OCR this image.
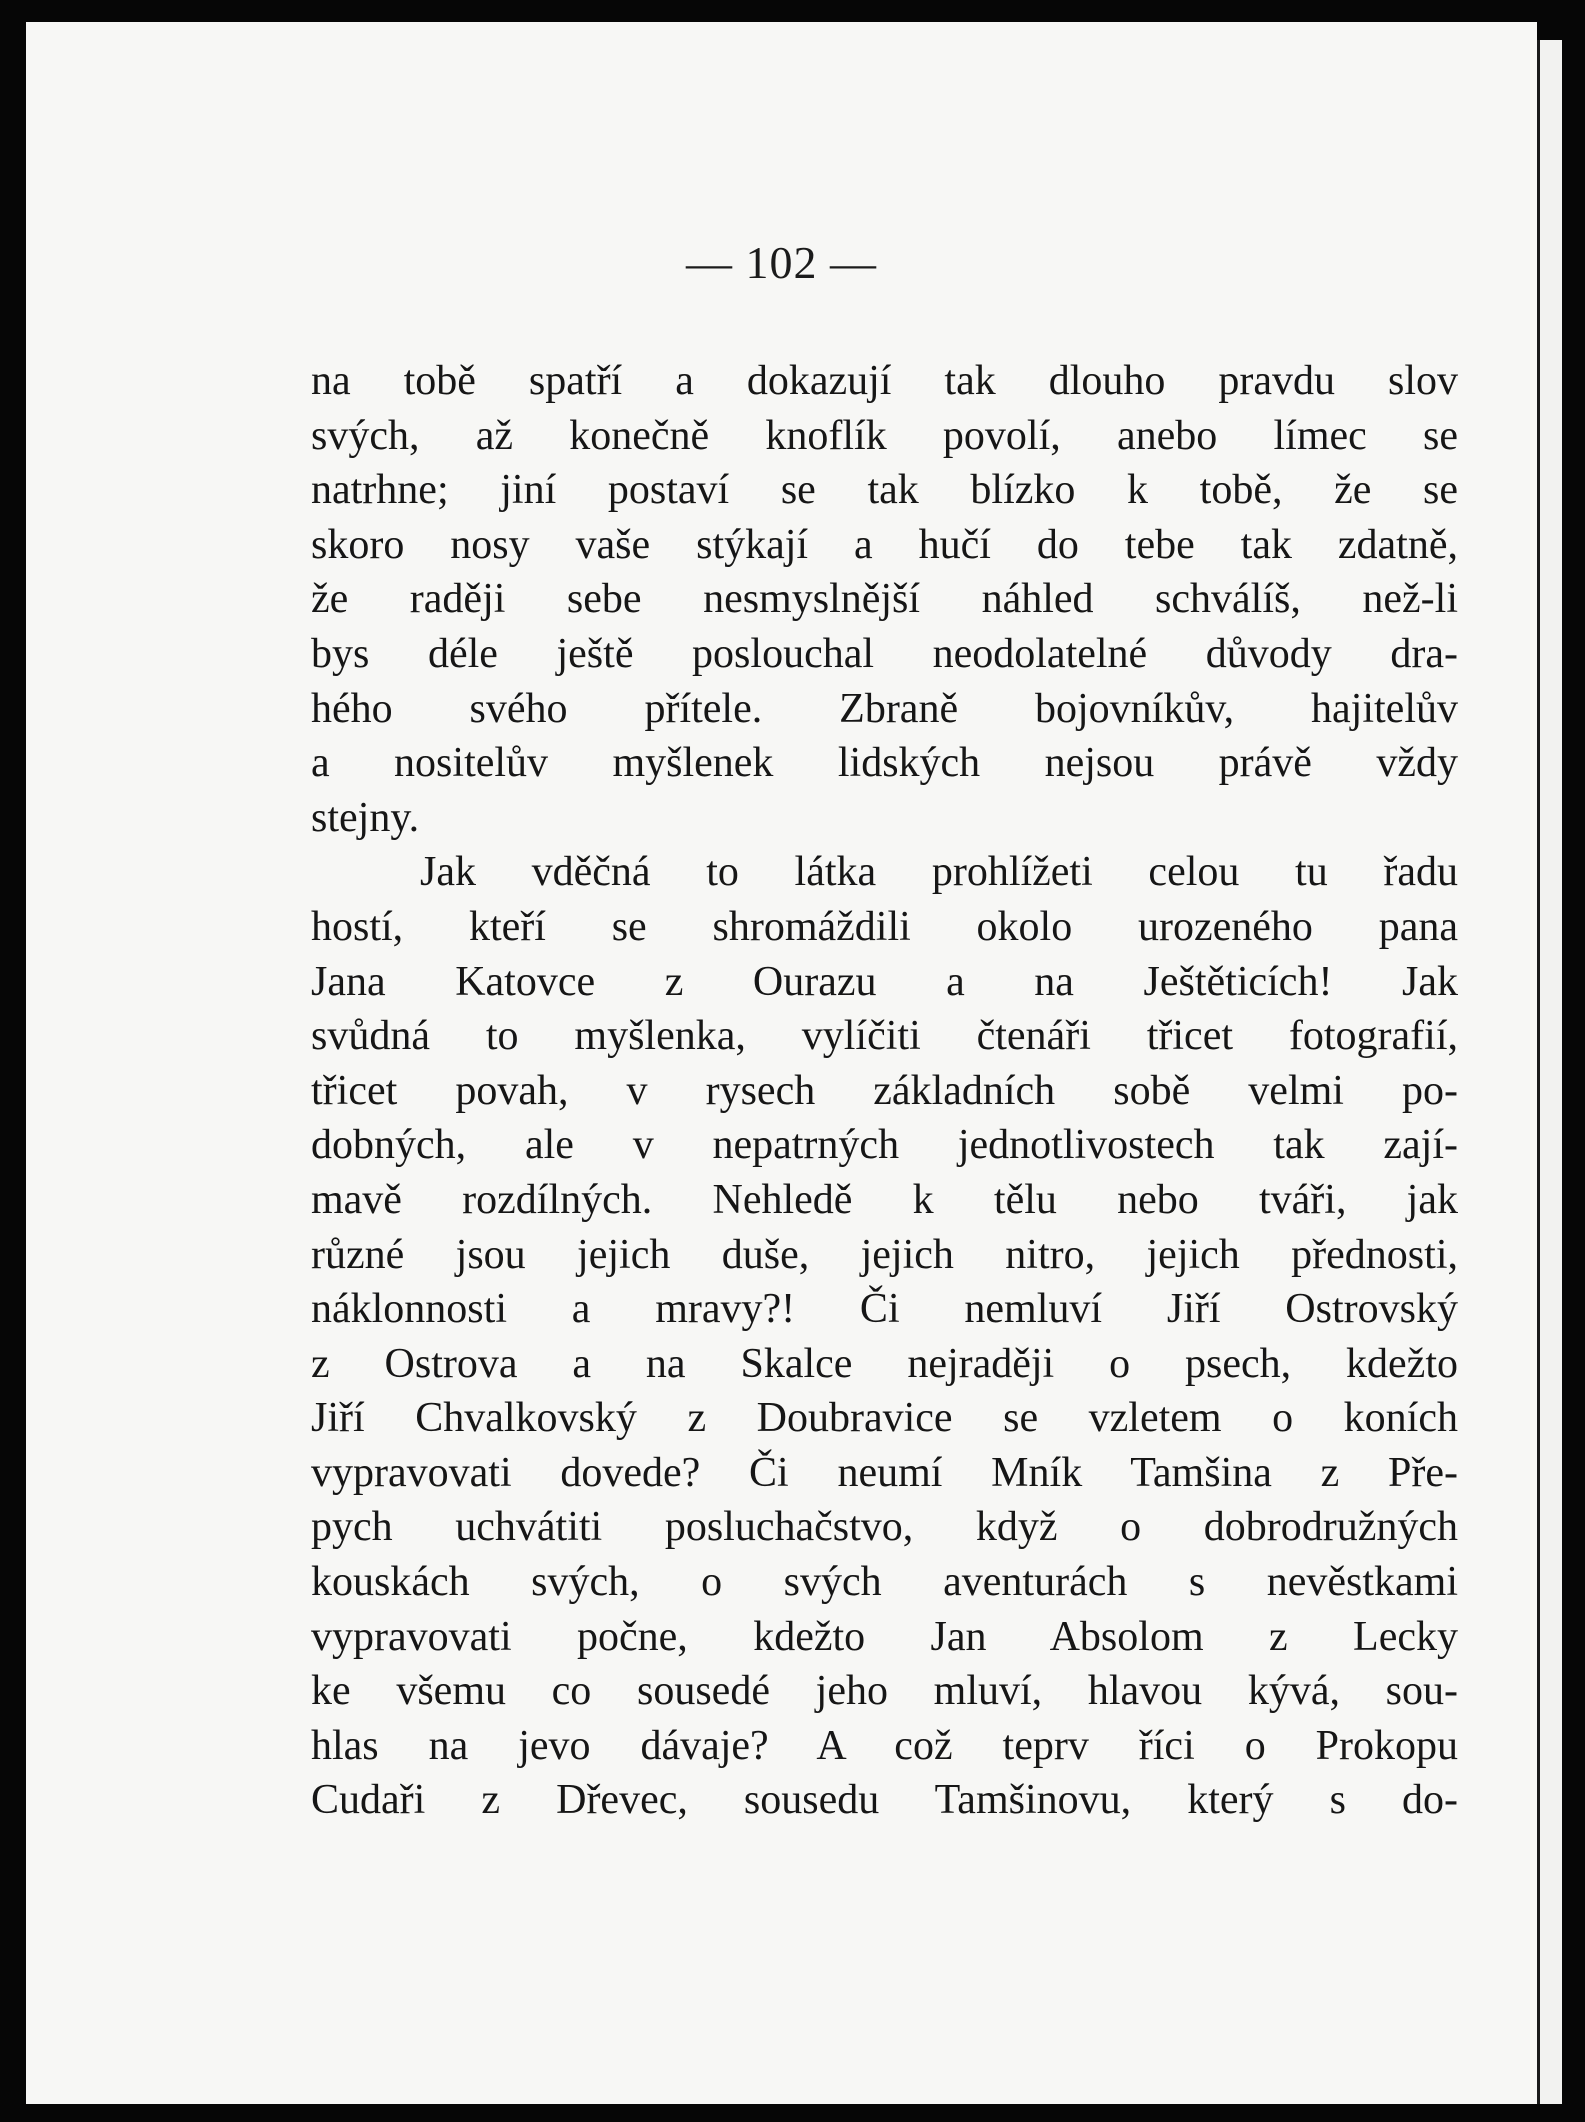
— 102 —
na tobě spatří a dokazují tak dlouho pravdu slov
svých, až konečně knoflík povolí, anebo límec se
natrhne; jiní postaví se tak blízko k tobě, že se
skoro nosy vaše stýkají a hučí do tebe tak zdatně,
že raději sebe nesmyslnější náhled schválíš, než-li
bys déle ještě poslouchal neodolatelné důvody dra-
hého svého přítele. Zbraně bojovníkův, hajitelův
a nositelův myšlenek lidských nejsou právě vždy
stejny.
Jak vděčná to látka prohlížeti celou tu řadu
hostí, kteří se shromáždili okolo urozeného pana
Jana Katovce z Ourazu a na Ještěticích! Jak
svůdná to myšlenka, vylíčiti čtenáři třicet fotografií,
třicet povah, v rysech základních sobě velmi po-
dobných, ale v nepatrných jednotlivostech tak zají-
mavě rozdílných. Nehledě k tělu nebo tváři, jak
různé jsou jejich duše, jejich nitro, jejich přednosti,
náklonnosti a mravy?! Či nemluví Jiří Ostrovský
z Ostrova a na Skalce nejraději o psech, kdežto
Jiří Chvalkovský z Doubravice se vzletem o koních
vypravovati dovede? Či neumí Mník Tamšina z Pře-
pych uchvátiti posluchačstvo, když o dobrodružných
kouskách svých, o svých aventurách s nevěstkami
vypravovati počne, kdežto Jan Absolom z Lecky
ke všemu co sousedé jeho mluví, hlavou kývá, sou-
hlas na jevo dávaje? A což teprv říci o Prokopu
Cudaři z Dřevec, sousedu Tamšinovu, který s do-
